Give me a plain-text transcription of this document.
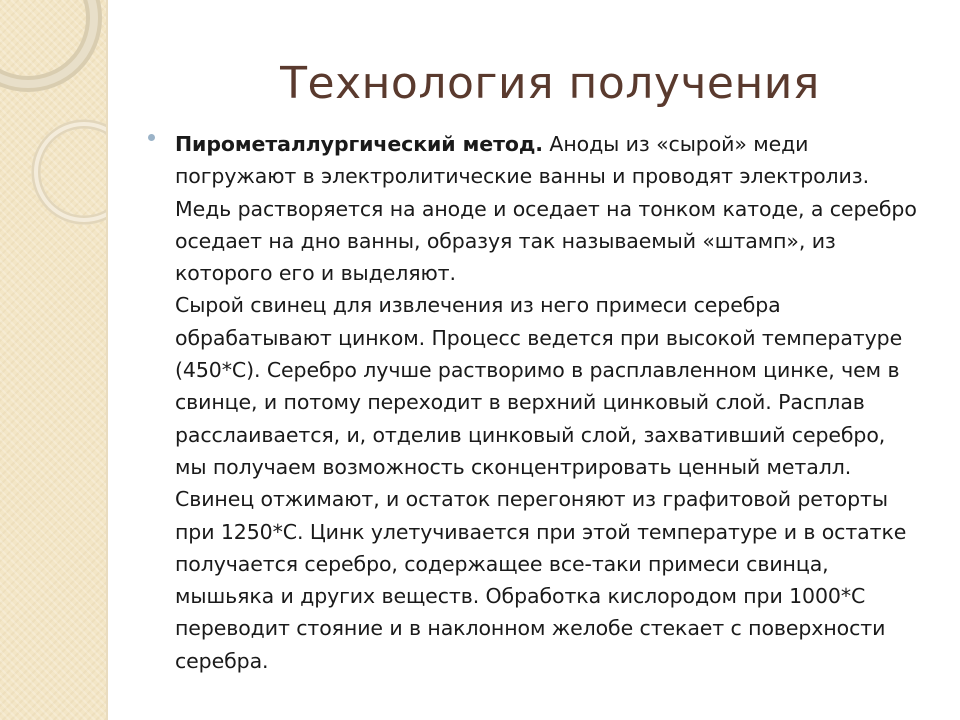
Технология получения

Пирометаллургический метод. Аноды из «сырой» меди погружают в электролитические ванны и проводят электролиз. Медь растворяется на аноде и оседает на тонком катоде, а серебро оседает на дно ванны, образуя так называемый «штамп», из которого его и выделяют.

Сырой свинец для извлечения из него примеси серебра обрабатывают цинком. Процесс ведется при высокой температуре (450*С). Серебро лучше растворимо в расплавленном цинке, чем в свинце, и потому переходит в верхний цинковый слой. Расплав расслаивается, и, отделив цинковый слой, захвативший серебро, мы получаем возможность сконцентрировать ценный металл. Свинец отжимают, и остаток перегоняют из графитовой реторты при 1250*С. Цинк улетучивается при этой температуре и в остатке получается серебро, содержащее все-таки примеси свинца, мышьяка и других веществ. Обработка кислородом при 1000*С переводит стояние и в наклонном желобе стекает с поверхности серебра.
